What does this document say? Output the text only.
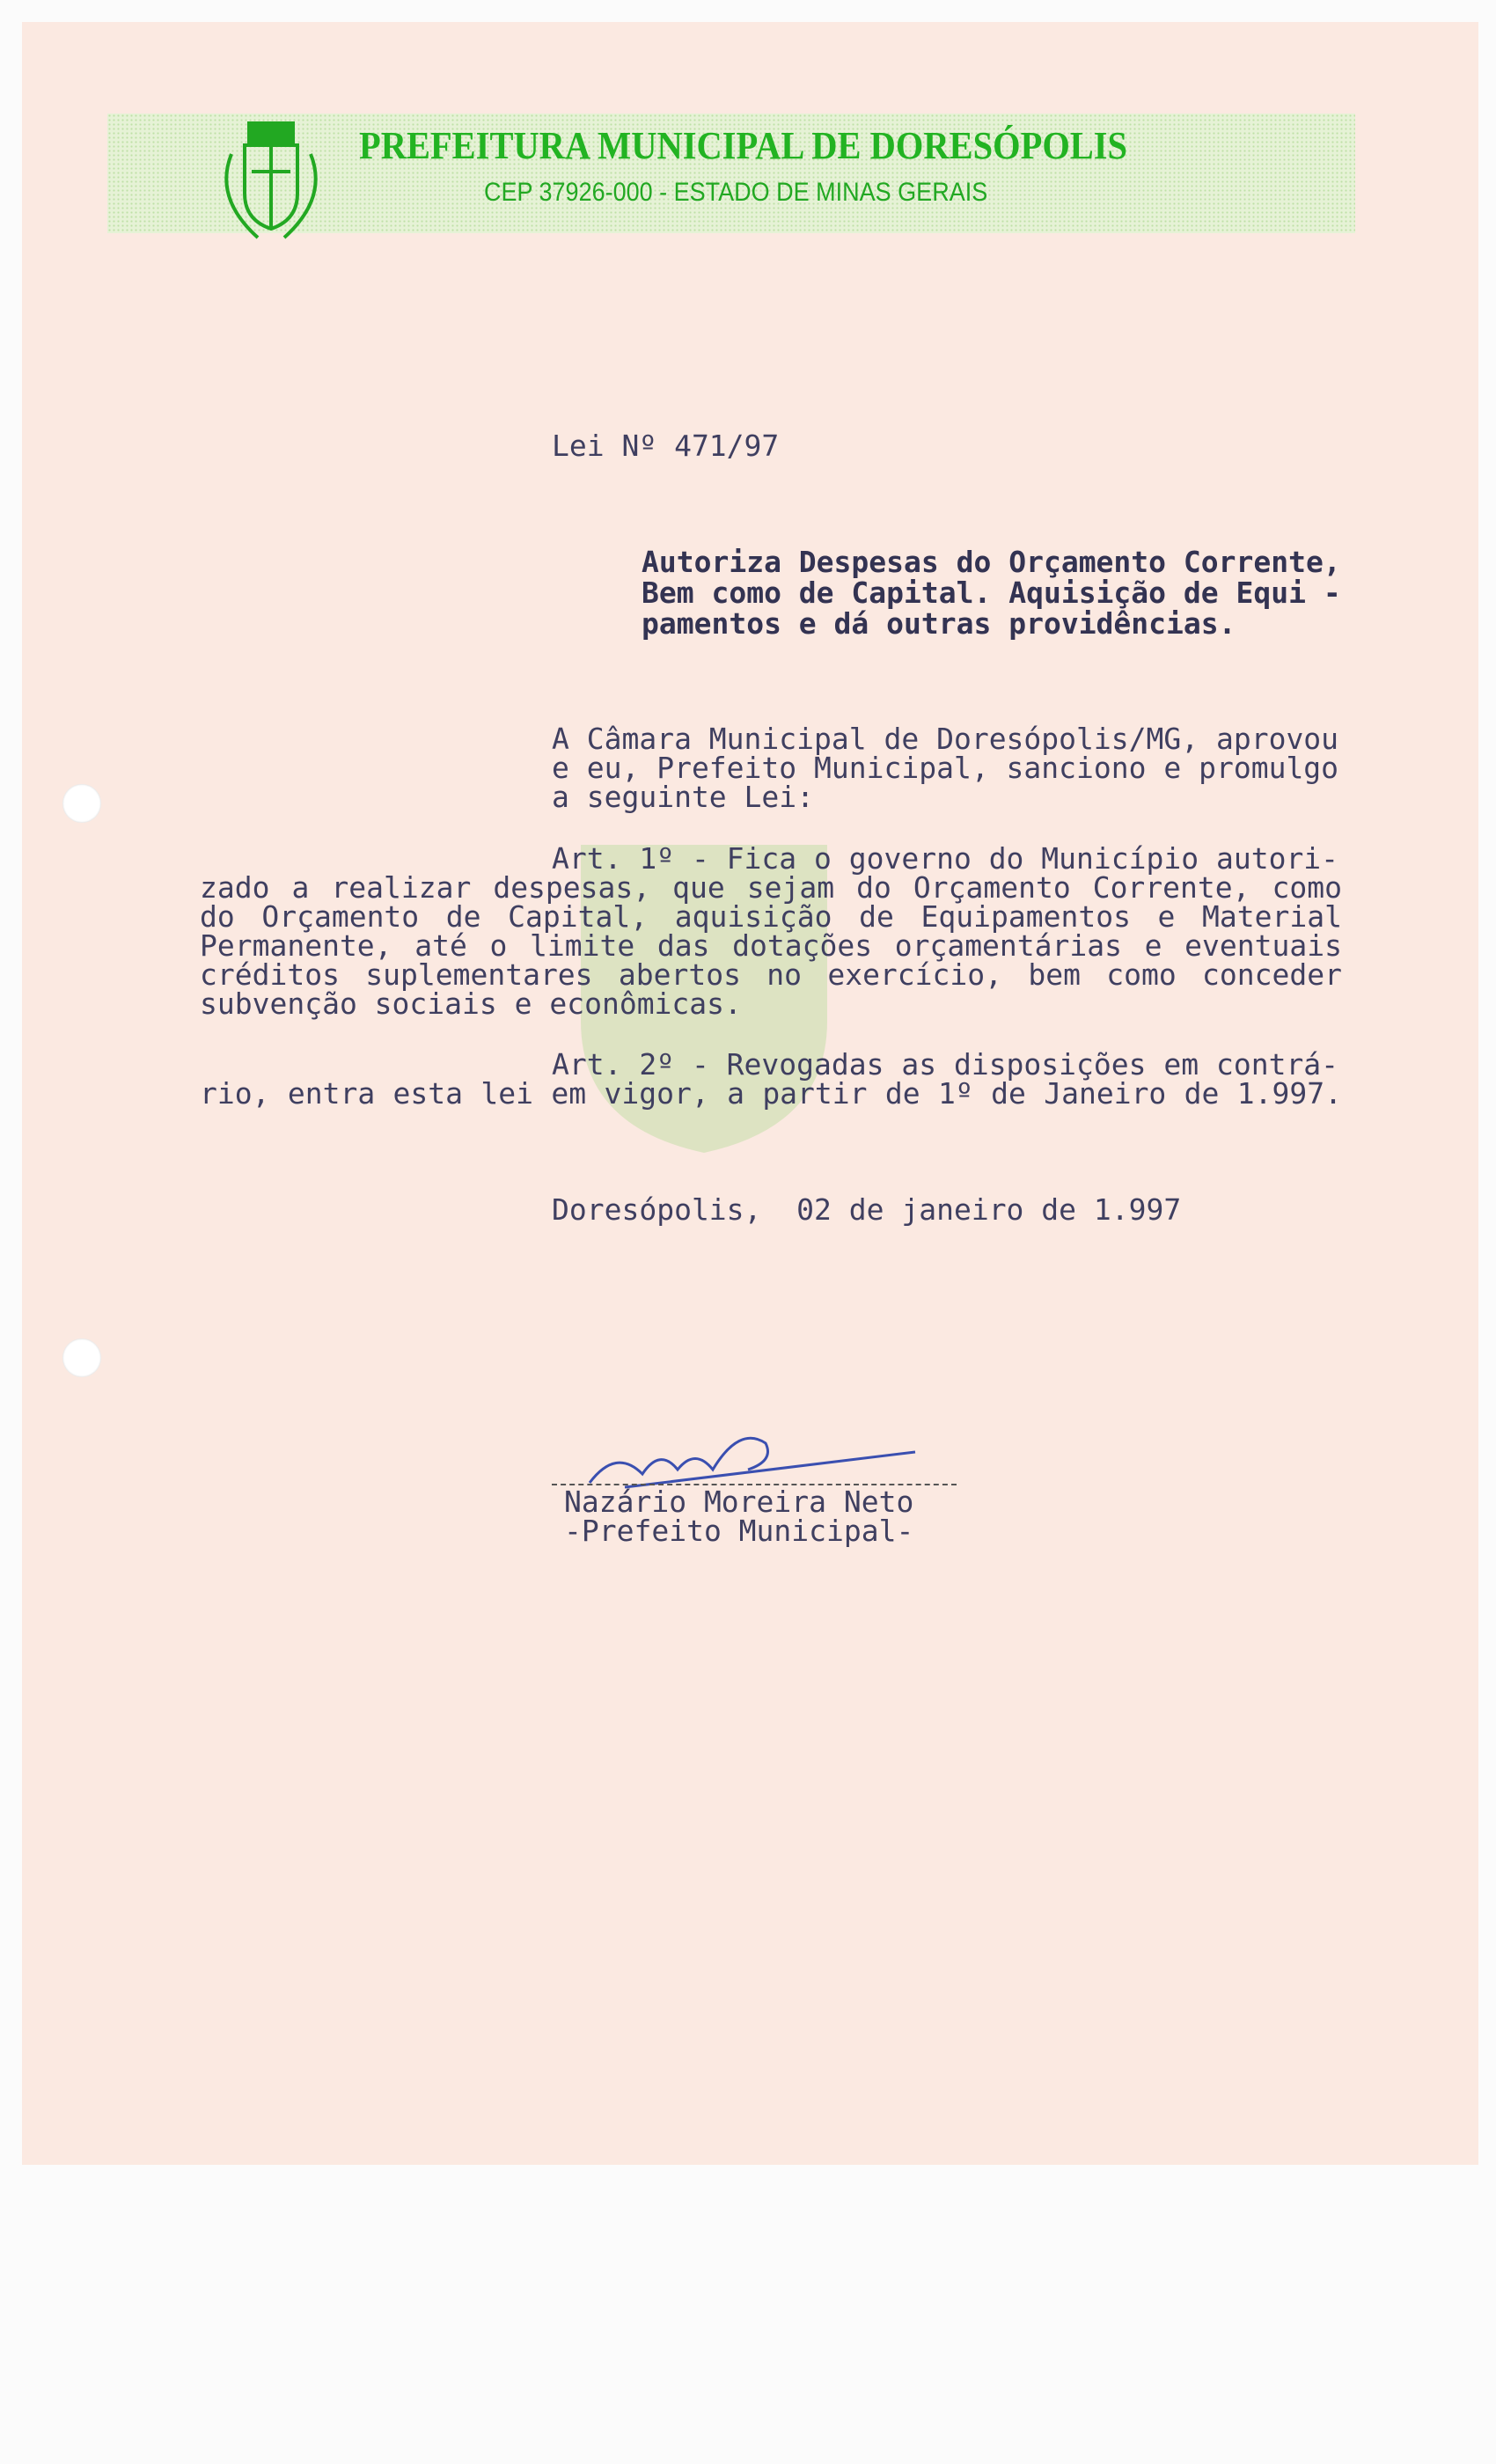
PREFEITURA MUNICIPAL DE DORESÓPOLIS
CEP 37926-000 - ESTADO DE MINAS GERAIS
Lei Nº 471/97
Autoriza Despesas do Orçamento Corrente,
Bem como de Capital. Aquisição de Equi -
pamentos e dá outras providências.
A Câmara Municipal de Doresópolis/MG, aprovou
e eu, Prefeito Municipal, sanciono e promulgo
a seguinte Lei:
Art. 1º - Fica o governo do Município autori-
zado a realizar despesas, que sejam do Orçamento Corrente, como
do Orçamento de Capital, aquisição de Equipamentos e Material
Permanente, até o limite das dotações orçamentárias e eventuais
créditos suplementares abertos no exercício, bem como conceder
subvenção sociais e econômicas.
Art. 2º - Revogadas as disposições em contrá-
rio, entra esta lei em vigor, a partir de 1º de Janeiro de 1.997.
Doresópolis,  02 de janeiro de 1.997
Nazário Moreira Neto
-Prefeito Municipal-
